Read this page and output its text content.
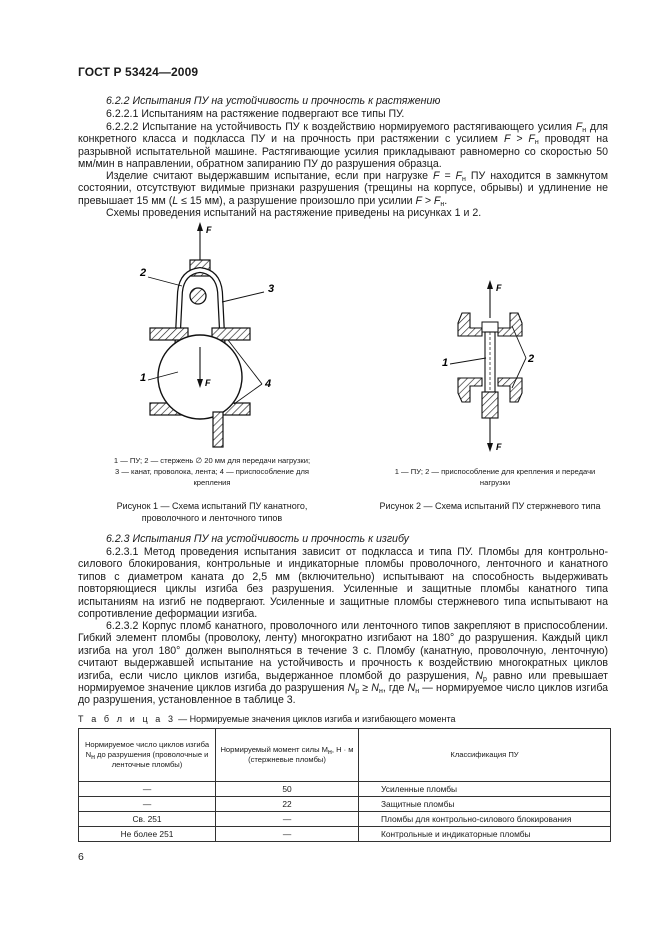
ГОСТ Р 53424—2009

6.2.2 Испытания ПУ на устойчивость и прочность к растяжению

6.2.2.1 Испытаниям на растяжение подвергают все типы ПУ.

6.2.2.2 Испытание на устойчивость ПУ к воздействию нормируемого растягивающего усилия $F_н$ для конкретного класса и подкласса ПУ и на прочность при растяжении с усилием $F > F_н$ проводят на разрывной испытательной машине. Растягивающие усилия прикладывают равномерно со скоростью 50 мм/мин в направлении, обратном запиранию ПУ до разрушения образца.

Изделие считают выдержавшим испытание, если при нагрузке $F = F_н$ ПУ находится в замкнутом состоянии, отсутствуют видимые признаки разрушения (трещины на корпусе, обрывы) и удлинение не превышает 15 мм (L ≤ 15 мм), а разрушение произошло при усилии $F > F_н$.

Схемы проведения испытаний на растяжение приведены на рисунках 1 и 2.

F
F
2
3
1	4
F
F
1	2

1 — ПУ; 2 — стержень ∅ 20 мм для передачи нагрузки;
3 — канат, проволока, лента; 4 — приспособление для
крепления

1 — ПУ; 2 — приспособление для крепления и передачи
нагрузки

Рисунок 1 — Схема испытаний ПУ канатного,
проволочного и ленточного типов

Рисунок 2 — Схема испытаний ПУ стержневого типа

6.2.3 Испытания ПУ на устойчивость и прочность к изгибу

6.2.3.1 Метод проведения испытания зависит от подкласса и типа ПУ. Пломбы для контрольно-силового блокирования, контрольные и индикаторные пломбы проволочного, ленточного и канатного типов с диаметром каната до 2,5 мм (включительно) испытывают на способность выдерживать повторяющиеся циклы изгиба без разрушения. Усиленные и защитные пломбы канатного типа испытаниям на изгиб не подвергают. Усиленные и защитные пломбы стержневого типа испытывают на сопротивление деформации изгиба.

6.2.3.2 Корпус пломб канатного, проволочного или ленточного типов закрепляют в приспособлении. Гибкий элемент пломбы (проволоку, ленту) многократно изгибают на 180° до разрушения. Каждый цикл изгиба на угол 180° должен выполняться в течение 3 с. Пломбу (канатную, проволочную, ленточную) считают выдержавшей испытание на устойчивость и прочность к воздействию многократных циклов изгиба, если число циклов изгиба, выдержанное пломбой до разрушения, $N_р$ равно или превышает нормируемое значение циклов изгиба до разрушения $N_р \ge N_н$, где $N_н$ — нормируемое число циклов изгиба до разрушения, установленное в таблице 3.

Т а б л и ц а 3 — Нормируемые значения циклов изгиба и изгибающего момента
Нормируемое число циклов изгиба $N_н$ до разрушения (проволочные и ленточные пломбы)	Нормируемый момент силы $M_н$, Н · м (стержневые пломбы)	Классификация ПУ
—	50	Усиленные пломбы
—	22	Защитные пломбы
Св. 251	—	Пломбы для контрольно-силового блокирования
Не более 251	—	Контрольные и индикаторные пломбы
6
